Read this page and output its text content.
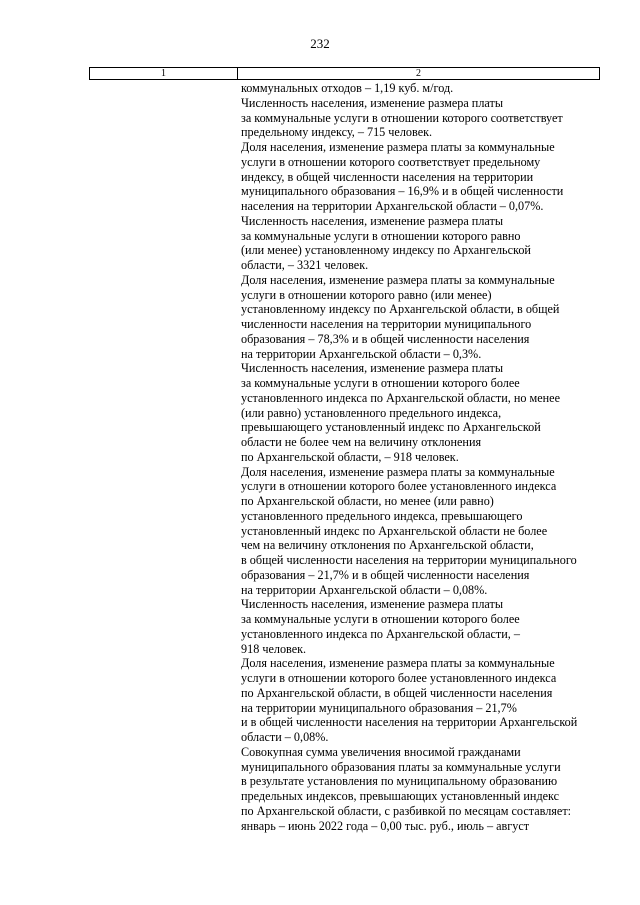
232
1	2
коммунальных отходов – 1,19 куб. м/год.
Численность населения, изменение размера платы
за коммунальные услуги в отношении которого соответствует
предельному индексу, – 715 человек.
Доля населения, изменение размера платы за коммунальные
услуги в отношении которого соответствует предельному
индексу, в общей численности населения на территории
муниципального образования – 16,9% и в общей численности
населения на территории Архангельской области – 0,07%.
Численность населения, изменение размера платы
за коммунальные услуги в отношении которого равно
(или менее) установленному индексу по Архангельской
области, – 3321 человек.
Доля населения, изменение размера платы за коммунальные
услуги в отношении которого равно (или менее)
установленному индексу по Архангельской области, в общей
численности населения на территории муниципального
образования – 78,3% и в общей численности населения
на территории Архангельской области – 0,3%.
Численность населения, изменение размера платы
за коммунальные услуги в отношении которого более
установленного индекса по Архангельской области, но менее
(или равно) установленного предельного индекса,
превышающего установленный индекс по Архангельской
области не более чем на величину отклонения
по Архангельской области, – 918 человек.
Доля населения, изменение размера платы за коммунальные
услуги в отношении которого более установленного индекса
по Архангельской области, но менее (или равно)
установленного предельного индекса, превышающего
установленный индекс по Архангельской области не более
чем на величину отклонения по Архангельской области,
в общей численности населения на территории муниципального
образования – 21,7% и в общей численности населения
на территории Архангельской области – 0,08%.
Численность населения, изменение размера платы
за коммунальные услуги в отношении которого более
установленного индекса по Архангельской области, –
918 человек.
Доля населения, изменение размера платы за коммунальные
услуги в отношении которого более установленного индекса
по Архангельской области, в общей численности населения
на территории муниципального образования – 21,7%
и в общей численности населения на территории Архангельской
области – 0,08%.
Совокупная сумма увеличения вносимой гражданами
муниципального образования платы за коммунальные услуги
в результате установления по муниципальному образованию
предельных индексов, превышающих установленный индекс
по Архангельской области, с разбивкой по месяцам составляет:
январь – июнь 2022 года – 0,00 тыс. руб., июль – август
